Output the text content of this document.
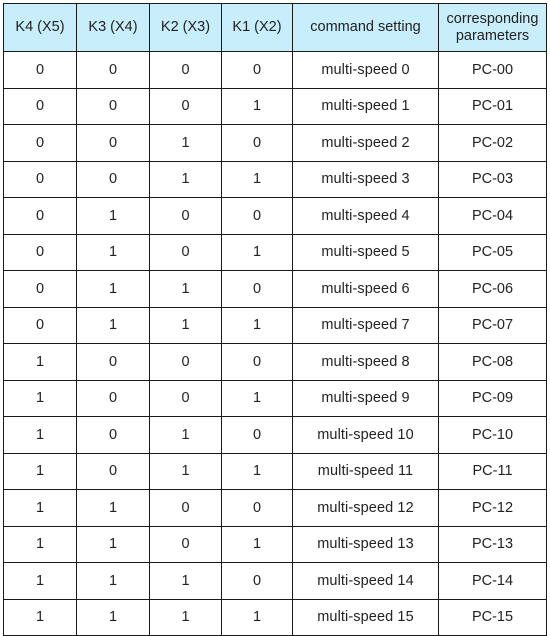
K4 (X5)	K3 (X4)	K2 (X3)	K1 (X2)	command setting	corresponding parameters
0	0	0	0	multi-speed 0	PC-00
0	0	0	1	multi-speed 1	PC-01
0	0	1	0	multi-speed 2	PC-02
0	0	1	1	multi-speed 3	PC-03
0	1	0	0	multi-speed 4	PC-04
0	1	0	1	multi-speed 5	PC-05
0	1	1	0	multi-speed 6	PC-06
0	1	1	1	multi-speed 7	PC-07
1	0	0	0	multi-speed 8	PC-08
1	0	0	1	multi-speed 9	PC-09
1	0	1	0	multi-speed 10	PC-10
1	0	1	1	multi-speed 11	PC-11
1	1	0	0	multi-speed 12	PC-12
1	1	0	1	multi-speed 13	PC-13
1	1	1	0	multi-speed 14	PC-14
1	1	1	1	multi-speed 15	PC-15
